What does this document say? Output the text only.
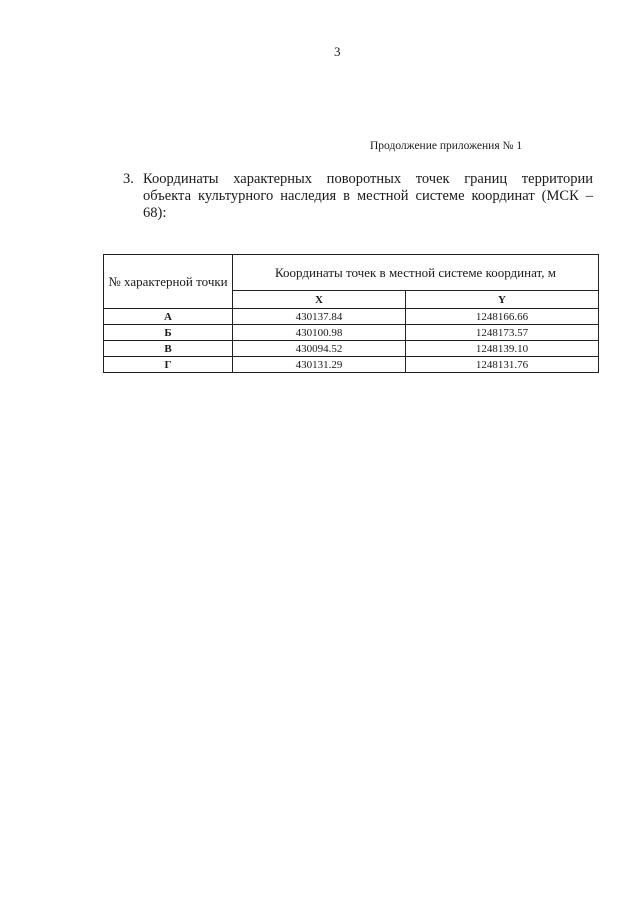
3
Продолжение приложения № 1
3. Координаты характерных поворотных точек границ территории объекта культурного наследия в местной системе координат (МСК – 68):
№ характерной точки	Координаты точек в местной системе координат, м	
	X	Y
А	430137.84	1248166.66
Б	430100.98	1248173.57
В	430094.52	1248139.10
Г	430131.29	1248131.76
